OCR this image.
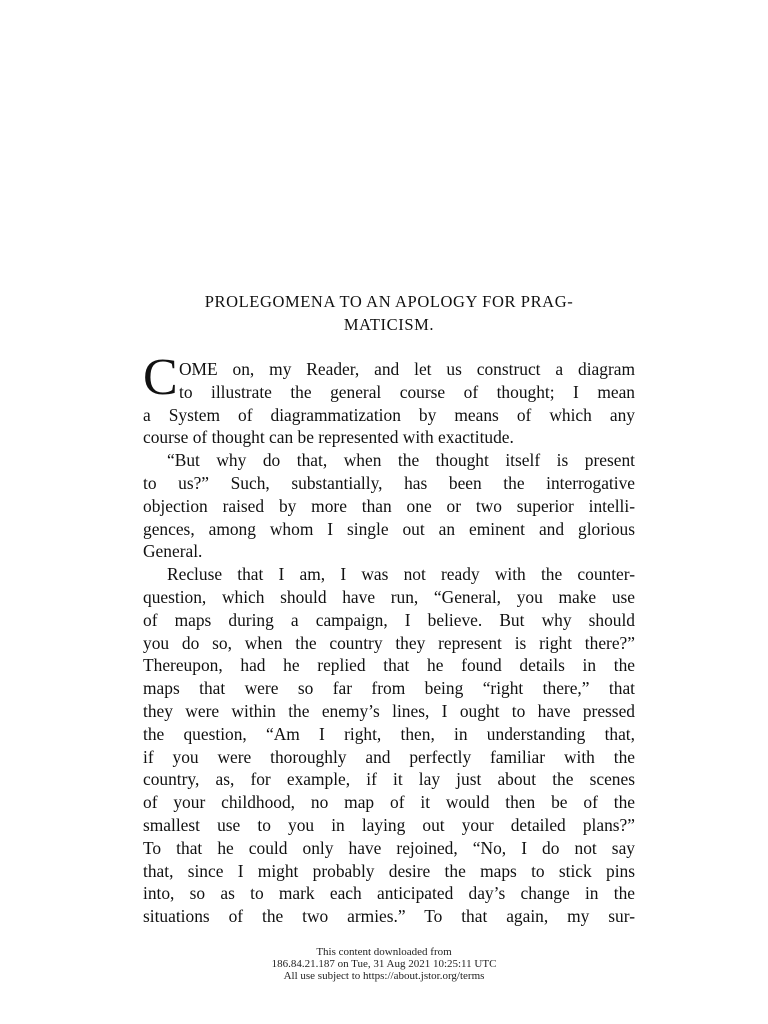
PROLEGOMENA TO AN APOLOGY FOR PRAG-
MATICISM.

C OME on, my Reader, and let us construct a diagram
to illustrate the general course of thought; I mean
a System of diagrammatization by means of which any
course of thought can be represented with exactitude.

“But why do that, when the thought itself is present
to us?” Such, substantially, has been the interrogative
objection raised by more than one or two superior intelli-
gences, among whom I single out an eminent and glorious
General.

Recluse that I am, I was not ready with the counter-
question, which should have run, “General, you make use
of maps during a campaign, I believe. But why should
you do so, when the country they represent is right there?”
Thereupon, had he replied that he found details in the
maps that were so far from being “right there,” that
they were within the enemy’s lines, I ought to have pressed
the question, “Am I right, then, in understanding that,
if you were thoroughly and perfectly familiar with the
country, as, for example, if it lay just about the scenes
of your childhood, no map of it would then be of the
smallest use to you in laying out your detailed plans?”
To that he could only have rejoined, “No, I do not say
that, since I might probably desire the maps to stick pins
into, so as to mark each anticipated day’s change in the
situations of the two armies.” To that again, my sur-

This content downloaded from
186.84.21.187 on Tue, 31 Aug 2021 10:25:11 UTC
All use subject to https://about.jstor.org/terms
